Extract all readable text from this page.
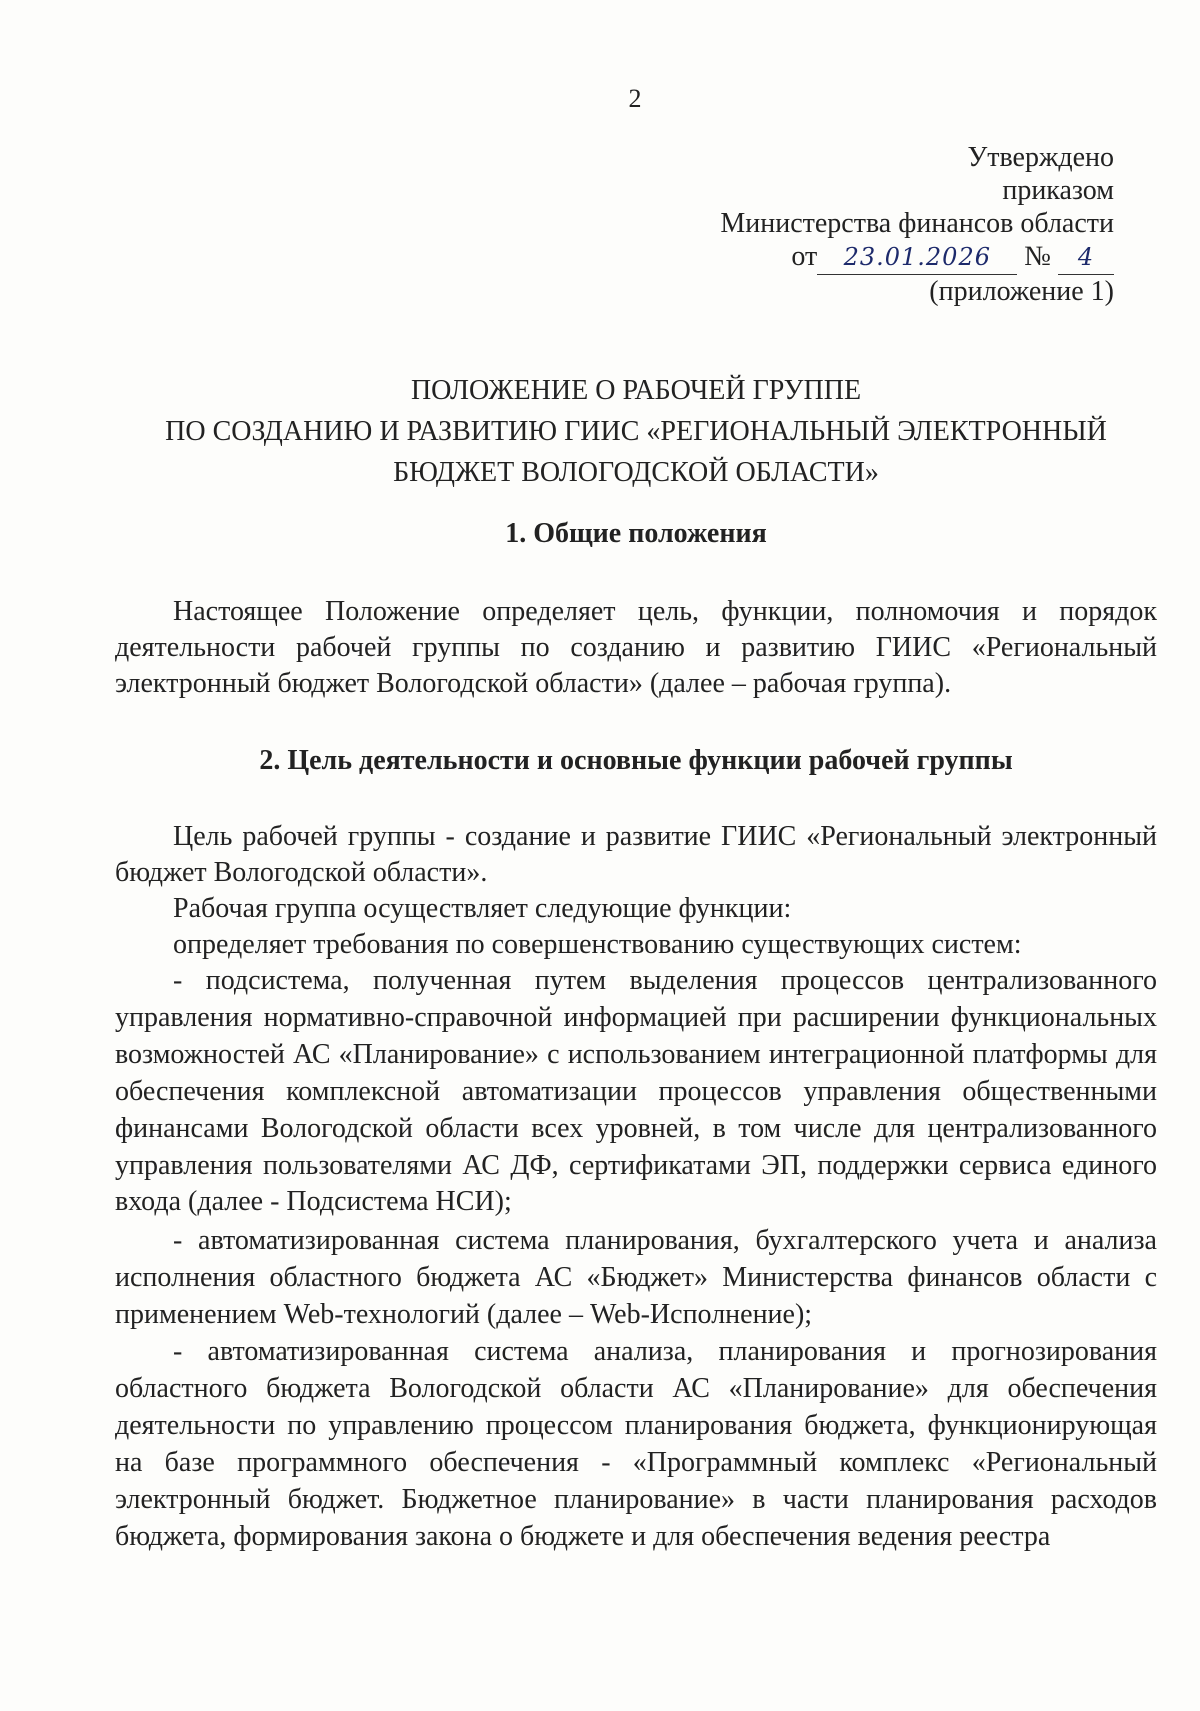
2
Утверждено
приказом
Министерства финансов области
от 23.01.2026 № 4
(приложение 1)
ПОЛОЖЕНИЕ О РАБОЧЕЙ ГРУППЕ
ПО СОЗДАНИЮ И РАЗВИТИЮ ГИИС «РЕГИОНАЛЬНЫЙ ЭЛЕКТРОННЫЙ
БЮДЖЕТ ВОЛОГОДСКОЙ ОБЛАСТИ»
1. Общие положения

Настоящее Положение определяет цель, функции, полномочия и порядок деятельности рабочей группы по созданию и развитию ГИИС «Региональный электронный бюджет Вологодской области» (далее – рабочая группа).

2. Цель деятельности и основные функции рабочей группы

Цель рабочей группы - создание и развитие ГИИС «Региональный электронный бюджет Вологодской области».

Рабочая группа осуществляет следующие функции:

определяет требования по совершенствованию существующих систем:

- подсистема, полученная путем выделения процессов централизованного управления нормативно-справочной информацией при расширении функциональных возможностей АС «Планирование» с использованием интеграционной платформы для обеспечения комплексной автоматизации процессов управления общественными финансами Вологодской области всех уровней, в том числе для централизованного управления пользователями АС ДФ, сертификатами ЭП, поддержки сервиса единого входа (далее - Подсистема НСИ);

- автоматизированная система планирования, бухгалтерского учета и анализа исполнения областного бюджета АС «Бюджет» Министерства финансов области с применением Web-технологий (далее – Web-Исполнение);

- автоматизированная система анализа, планирования и прогнозирования областного бюджета Вологодской области АС «Планирование» для обеспечения деятельности по управлению процессом планирования бюджета, функционирующая на базе программного обеспечения - «Программный комплекс «Региональный электронный бюджет. Бюджетное планирование» в части планирования расходов бюджета, формирования закона о бюджете и для обеспечения ведения реестра
